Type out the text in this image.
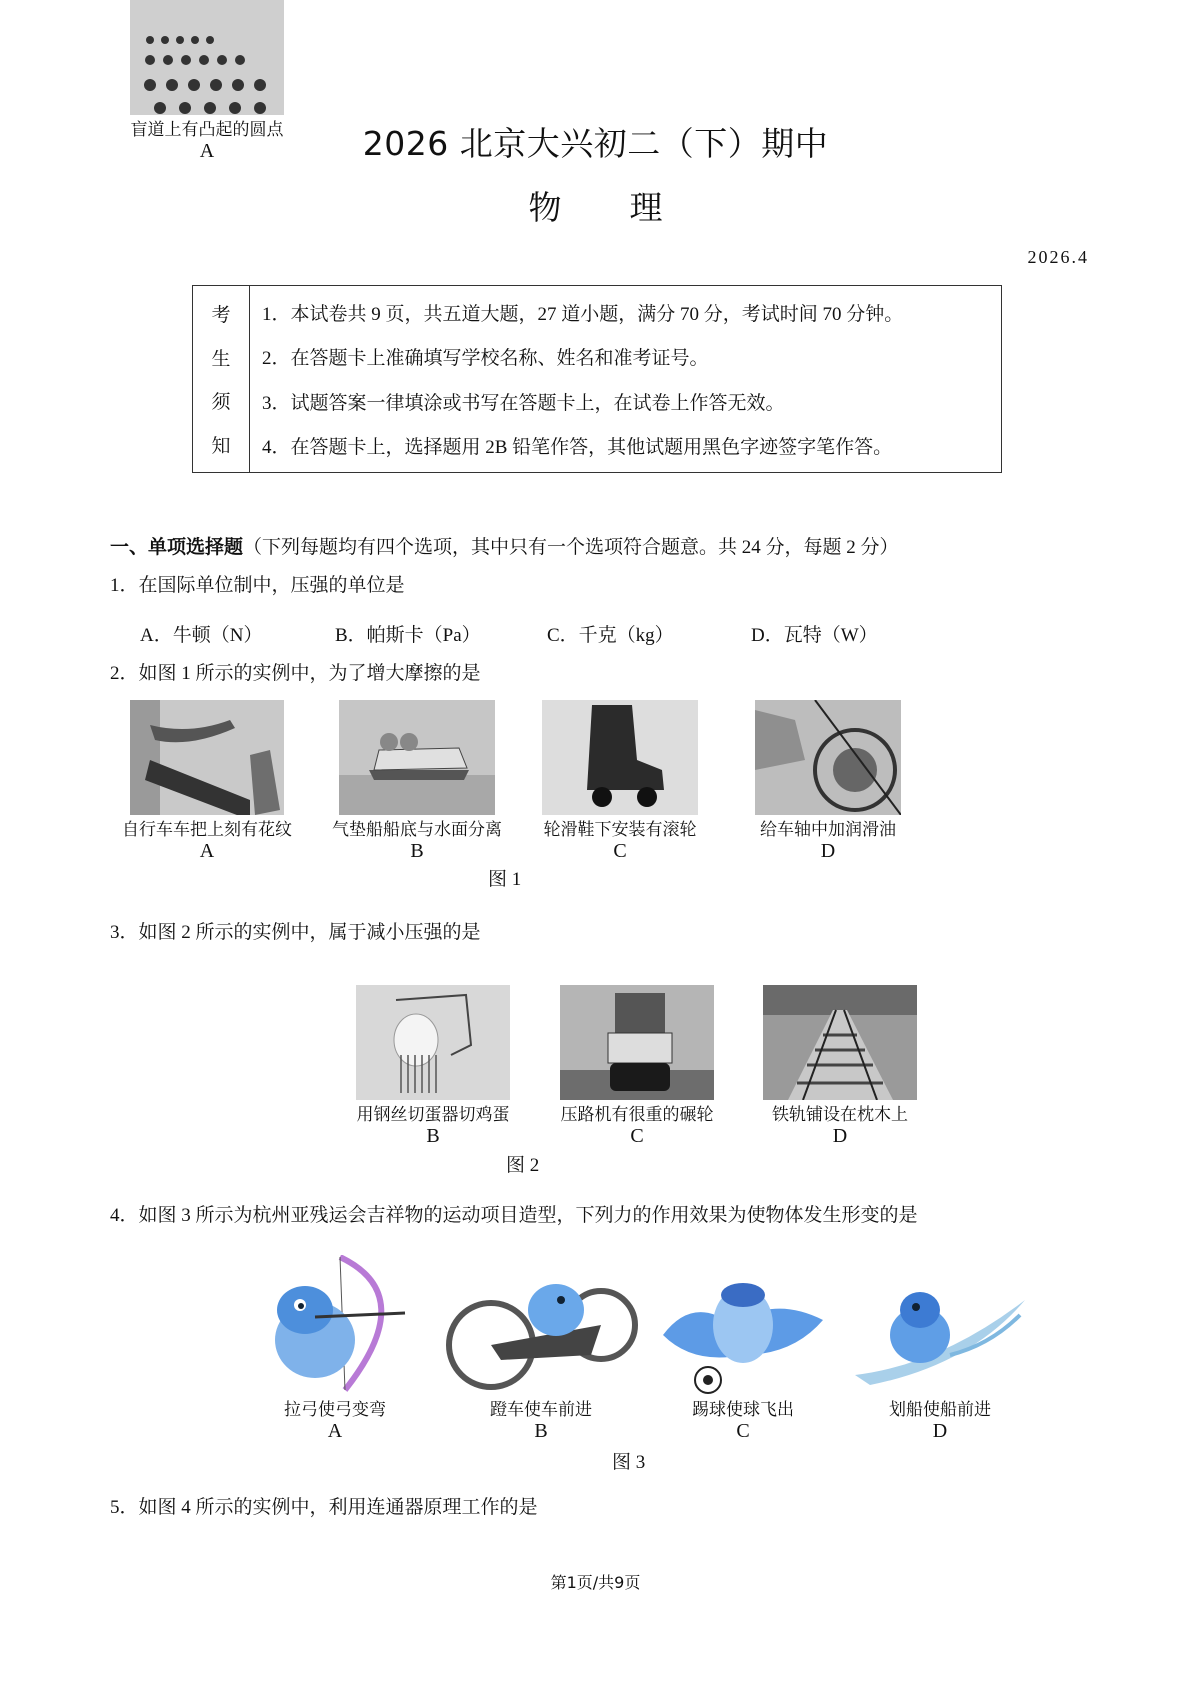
2026 北京大兴初二（下）期中
物 理
2026.4
考
生
须
知
1．本试卷共 9 页，共五道大题，27 道小题，满分 70 分，考试时间 70 分钟。
2．在答题卡上准确填写学校名称、姓名和准考证号。
3．试题答案一律填涂或书写在答题卡上，在试卷上作答无效。
4．在答题卡上，选择题用 2B 铅笔作答，其他试题用黑色字迹签字笔作答。
一、单项选择题（下列每题均有四个选项，其中只有一个选项符合题意。共 24 分，每题 2 分）
1．在国际单位制中，压强的单位是
A．牛顿（N）	B．帕斯卡（Pa）	C．千克（kg）	D．瓦特（W）
2．如图 1 所示的实例中，为了增大摩擦的是
自行车车把上刻有花纹
A
气垫船船底与水面分离
B
轮滑鞋下安装有滚轮
C
给车轴中加润滑油
D
图 1
3．如图 2 所示的实例中，属于减小压强的是
盲道上有凸起的圆点
A
用钢丝切蛋器切鸡蛋
B
压路机有很重的碾轮
C
铁轨铺设在枕木上
D
图 2
4．如图 3 所示为杭州亚残运会吉祥物的运动项目造型，下列力的作用效果为使物体发生形变的是
拉弓使弓变弯
A
蹬车使车前进
B
踢球使球飞出
C
划船使船前进
D
图 3
5．如图 4 所示的实例中，利用连通器原理工作的是
第1页/共9页
